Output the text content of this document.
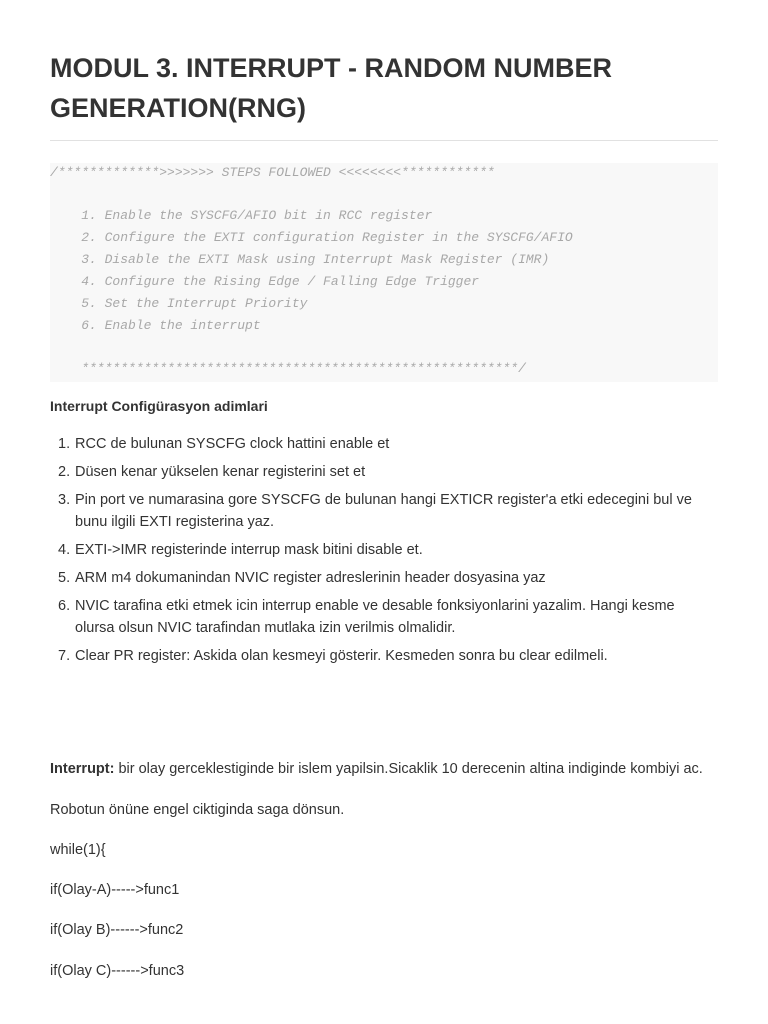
MODUL 3. INTERRUPT - RANDOM NUMBER GENERATION(RNG)

/*************>>>>>>> STEPS FOLLOWED <<<<<<<<************

1. Enable the SYSCFG/AFIO bit in RCC register

2. Configure the EXTI configuration Register in the SYSCFG/AFIO

3. Disable the EXTI Mask using Interrupt Mask Register (IMR)

4. Configure the Rising Edge / Falling Edge Trigger

5. Set the Interrupt Priority

6. Enable the interrupt

********************************************************/

Interrupt Configürasyon adimlari

1. RCC de bulunan SYSCFG clock hattini enable et
2. Düsen kenar yükselen kenar registerini set et
3. Pin port ve numarasina gore SYSCFG de bulunan hangi EXTICR register'a etki edecegini bul ve bunu ilgili EXTI registerina yaz.
4. EXTI->IMR registerinde interrup mask bitini disable et.
5. ARM m4 dokumanindan NVIC register adreslerinin header dosyasina yaz
6. NVIC tarafina etki etmek icin interrup enable ve desable fonksiyonlarini yazalim. Hangi kesme olursa olsun NVIC tarafindan mutlaka izin verilmis olmalidir.
7. Clear PR register: Askida olan kesmeyi gösterir. Kesmeden sonra bu clear edilmeli.

Interrupt: bir olay gerceklestiginde bir islem yapilsin.Sicaklik 10 derecenin altina indiginde kombiyi ac.

Robotun önüne engel ciktiginda saga dönsun.

while(1){

if(Olay-A)----->func1

if(Olay B)------>func2

if(Olay C)------>func3
